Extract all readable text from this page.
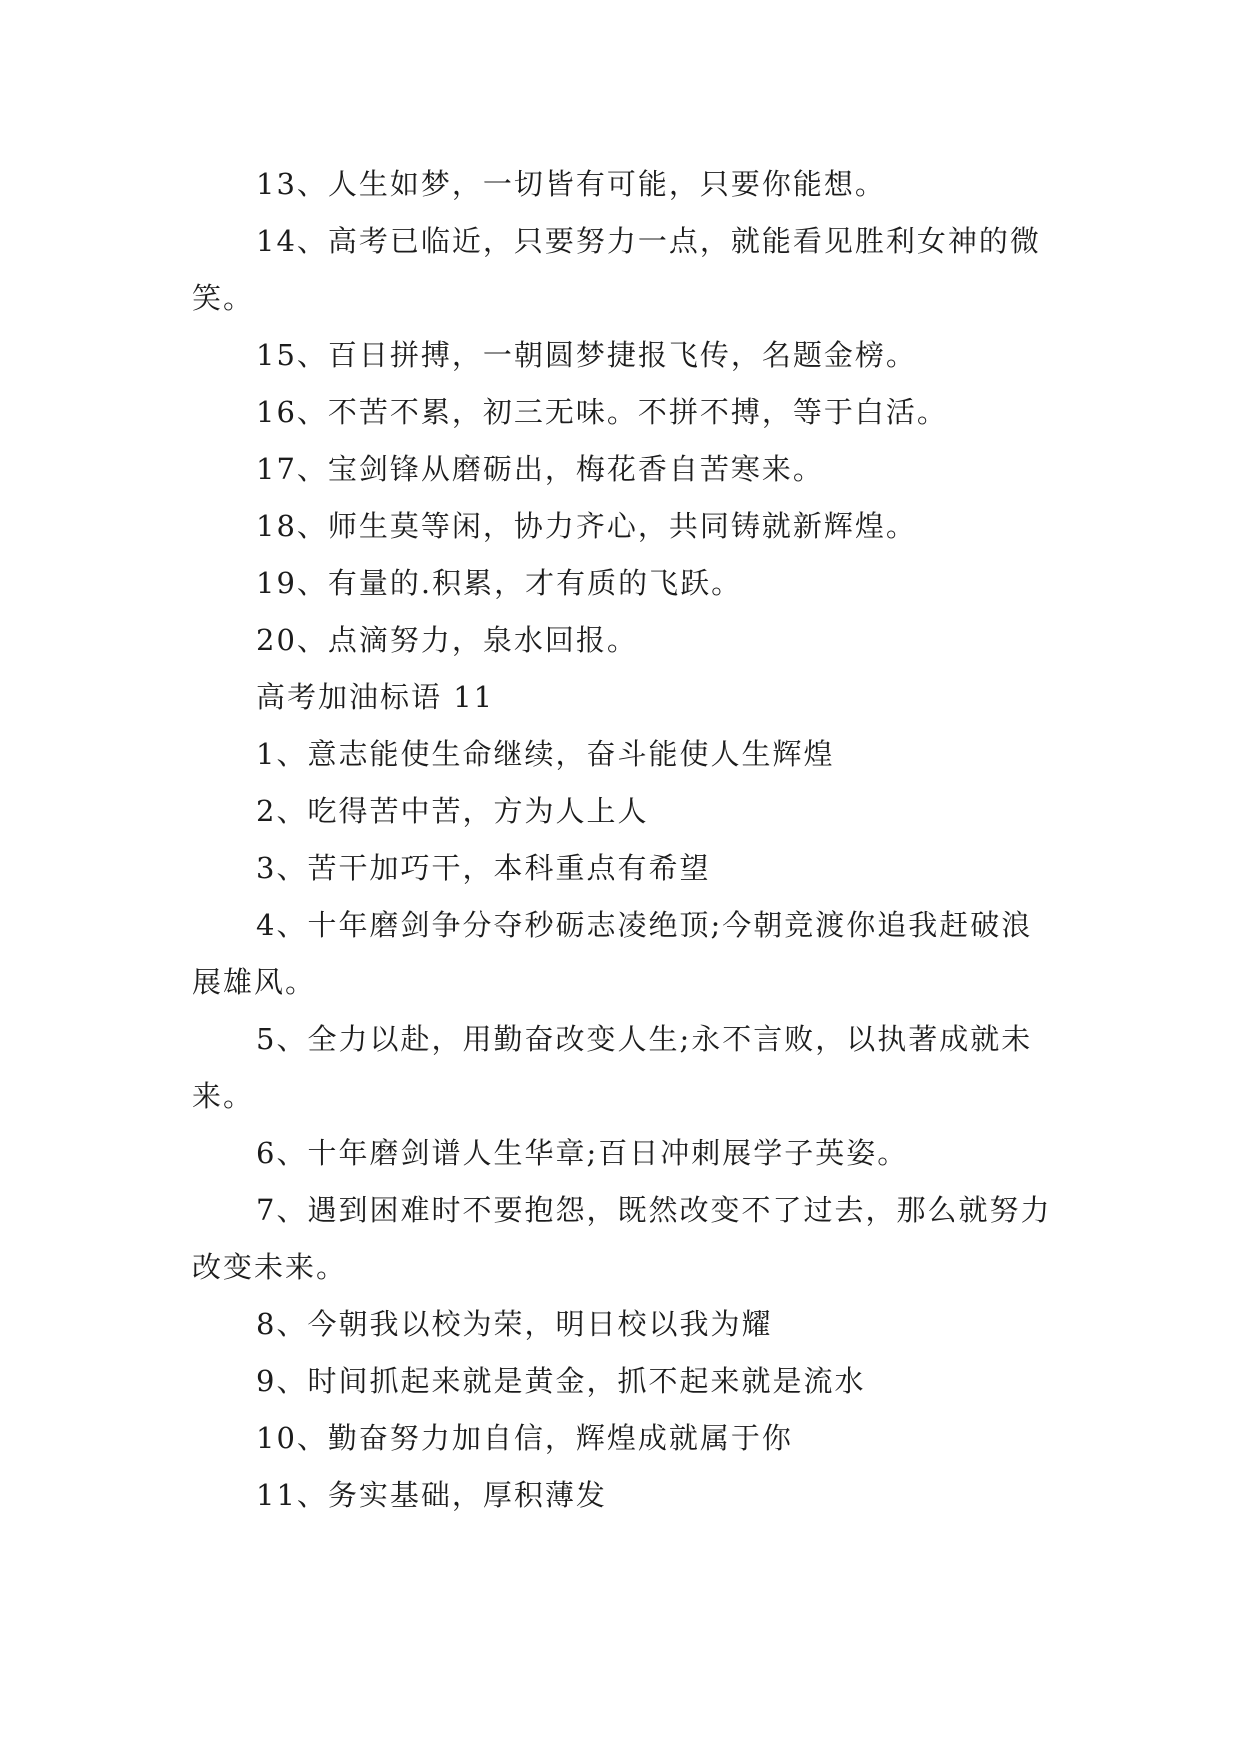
13、人生如梦，一切皆有可能，只要你能想。

14、高考已临近，只要努力一点，就能看见胜利女神的微笑。

15、百日拼搏，一朝圆梦捷报飞传，名题金榜。

16、不苦不累，初三无味。不拼不搏，等于白活。

17、宝剑锋从磨砺出，梅花香自苦寒来。

18、师生莫等闲，协力齐心，共同铸就新辉煌。

19、有量的.积累，才有质的飞跃。

20、点滴努力，泉水回报。

高考加油标语 11

1、意志能使生命继续，奋斗能使人生辉煌

2、吃得苦中苦，方为人上人

3、苦干加巧干，本科重点有希望

4、十年磨剑争分夺秒砺志凌绝顶;今朝竞渡你追我赶破浪展雄风。

5、全力以赴，用勤奋改变人生;永不言败，以执著成就未来。

6、十年磨剑谱人生华章;百日冲刺展学子英姿。

7、遇到困难时不要抱怨，既然改变不了过去，那么就努力改变未来。

8、今朝我以校为荣，明日校以我为耀

9、时间抓起来就是黄金，抓不起来就是流水

10、勤奋努力加自信，辉煌成就属于你

11、务实基础，厚积薄发
